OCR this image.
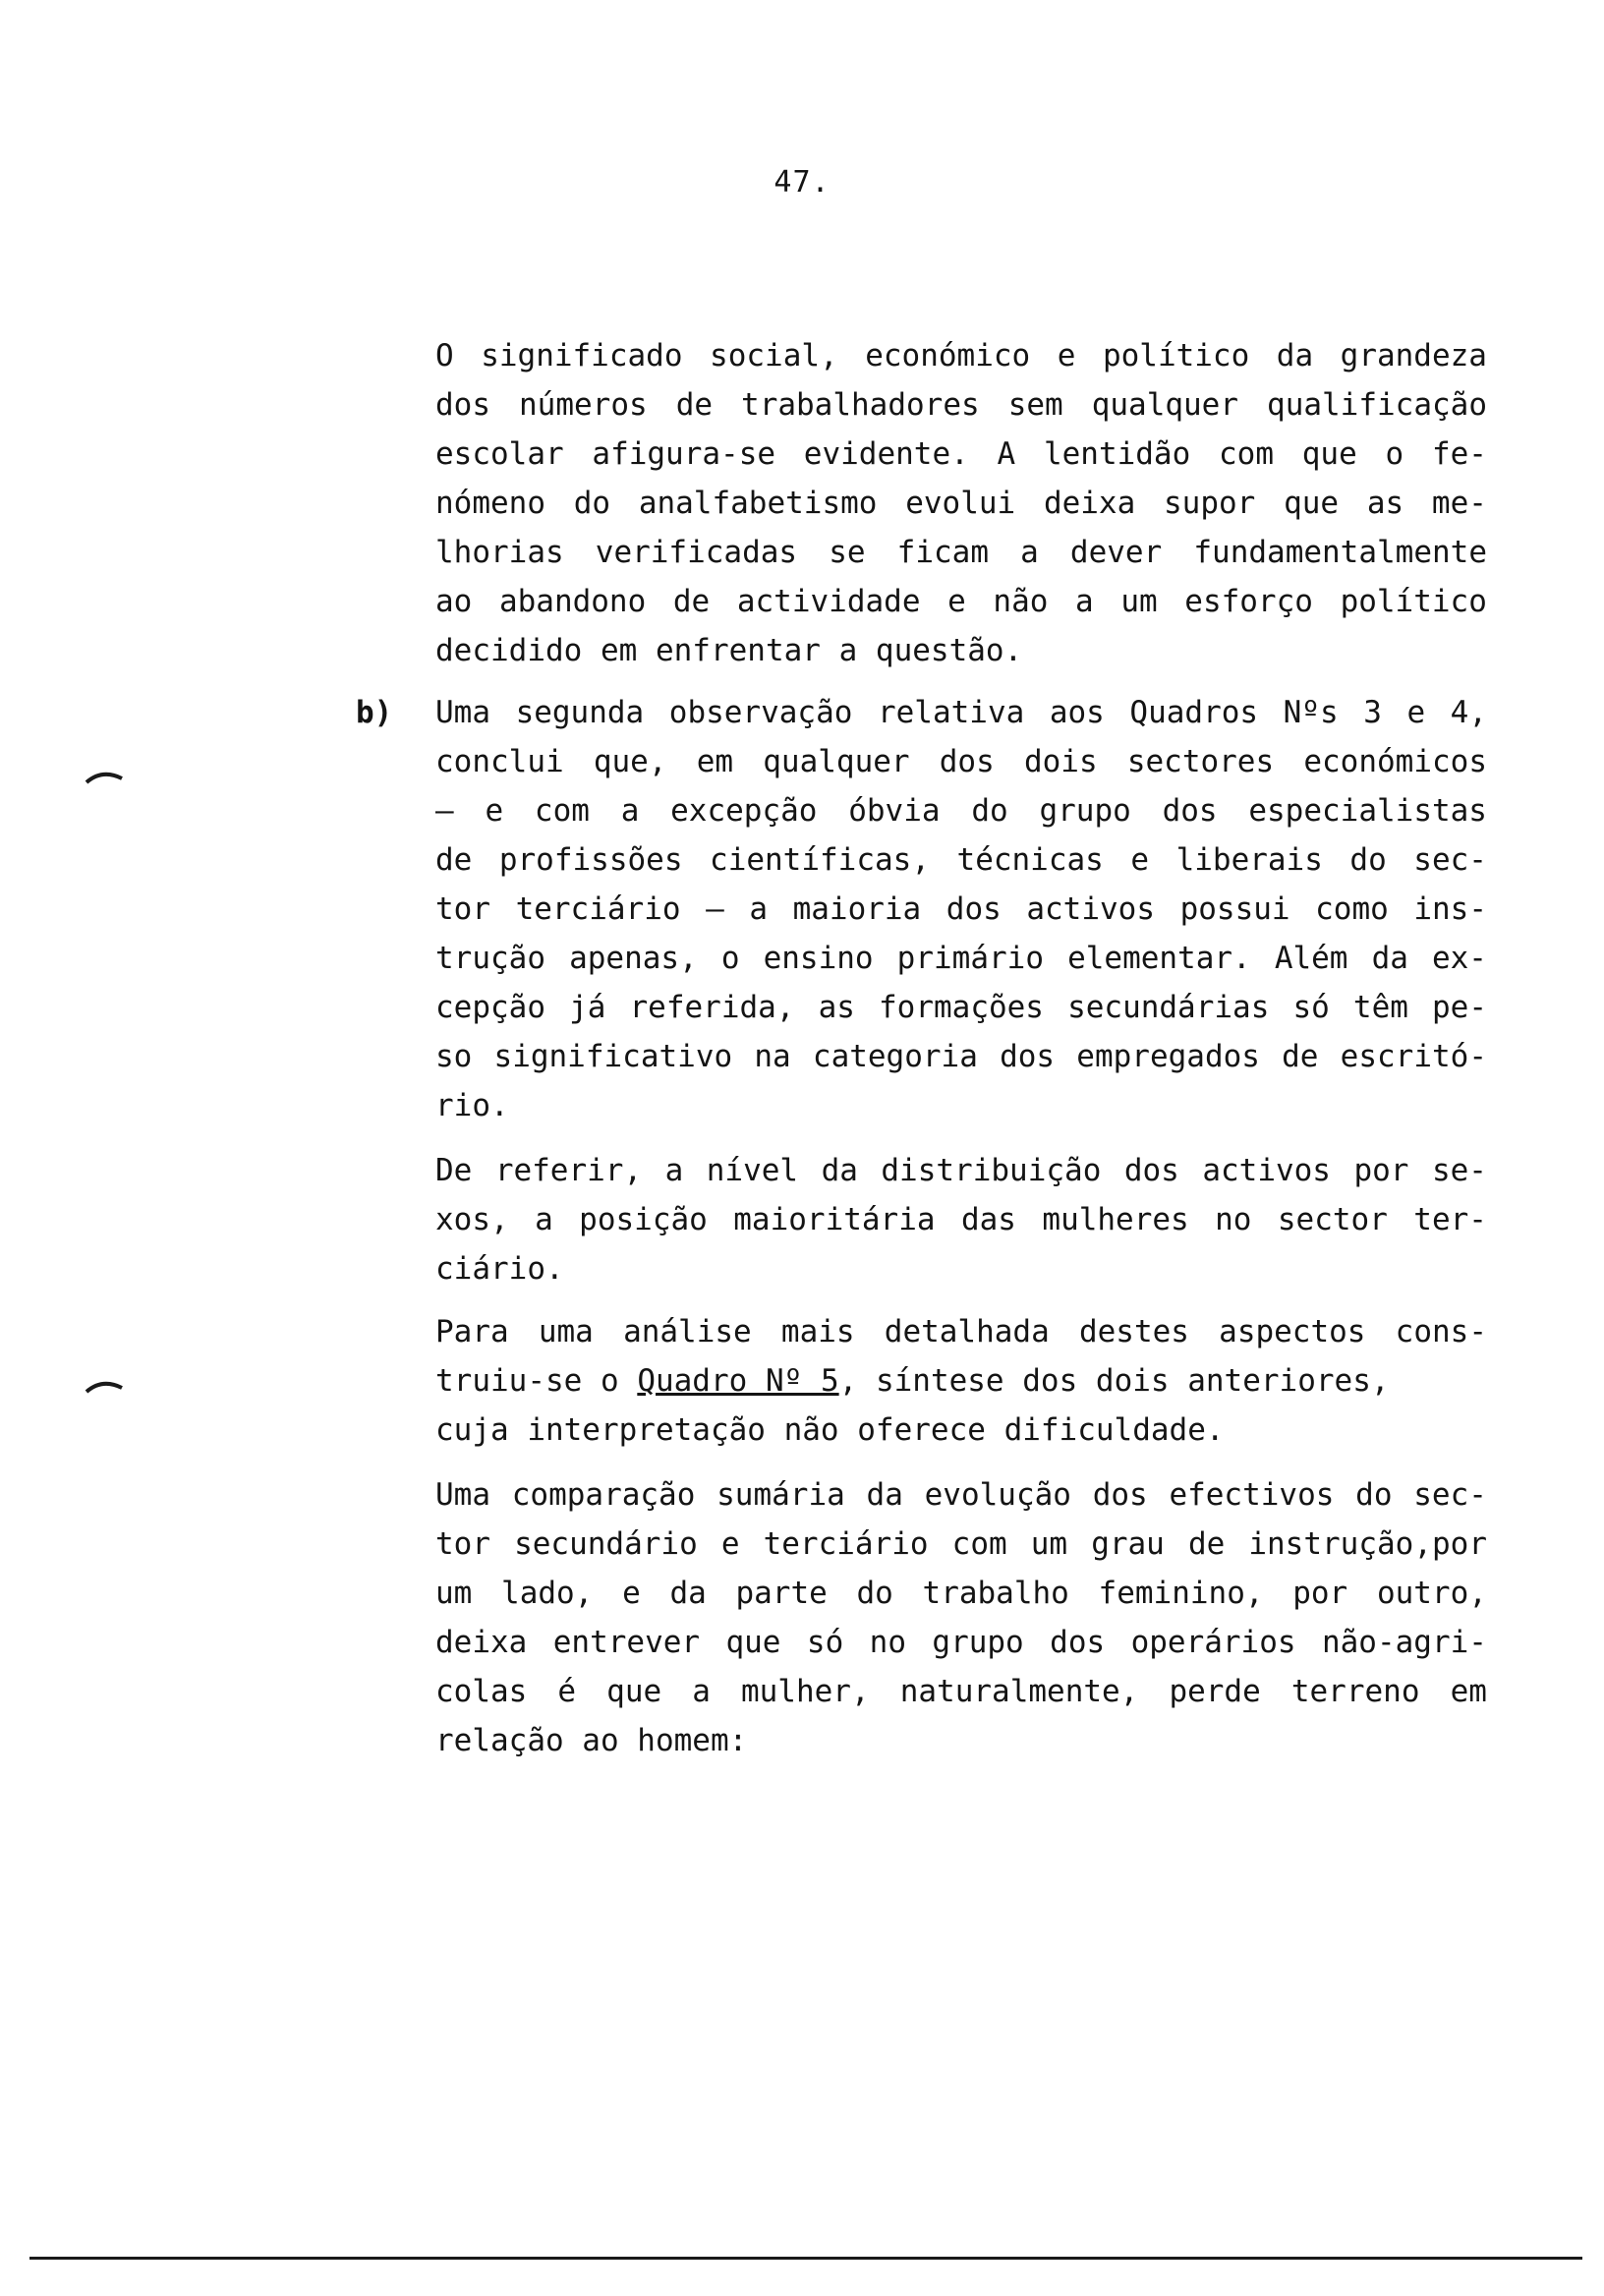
47.
O significado social, económico e político da grandeza
dos números de trabalhadores sem qualquer qualificação
escolar afigura-se evidente. A lentidão com que o fe-
nómeno do analfabetismo evolui deixa supor que as me-
lhorias verificadas se ficam a dever fundamentalmente
ao abandono de actividade e não a um esforço político
decidido em enfrentar a questão.
b) Uma segunda observação relativa aos Quadros Nºs 3 e 4,
conclui que, em qualquer dos dois sectores económicos
— e com a excepção óbvia do grupo dos especialistas
de profissões científicas, técnicas e liberais do sec-
tor terciário — a maioria dos activos possui como ins-
trução apenas, o ensino primário elementar. Além da ex-
cepção já referida, as formações secundárias só têm pe-
so significativo na categoria dos empregados de escritó-
rio.
De referir, a nível da distribuição dos activos por se-
xos, a posição maioritária das mulheres no sector ter-
ciário.
Para uma análise mais detalhada destes aspectos cons-
truiu-se o
Quadro Nº 5 , síntese dos dois anteriores,
cuja interpretação não oferece dificuldade.
Uma comparação sumária da evolução dos efectivos do sec-
tor secundário e terciário com um grau de instrução,por
um lado, e da parte do trabalho feminino, por outro,
deixa entrever que só no grupo dos operários não-agri-
colas é que a mulher, naturalmente, perde terreno em
relação ao homem:
